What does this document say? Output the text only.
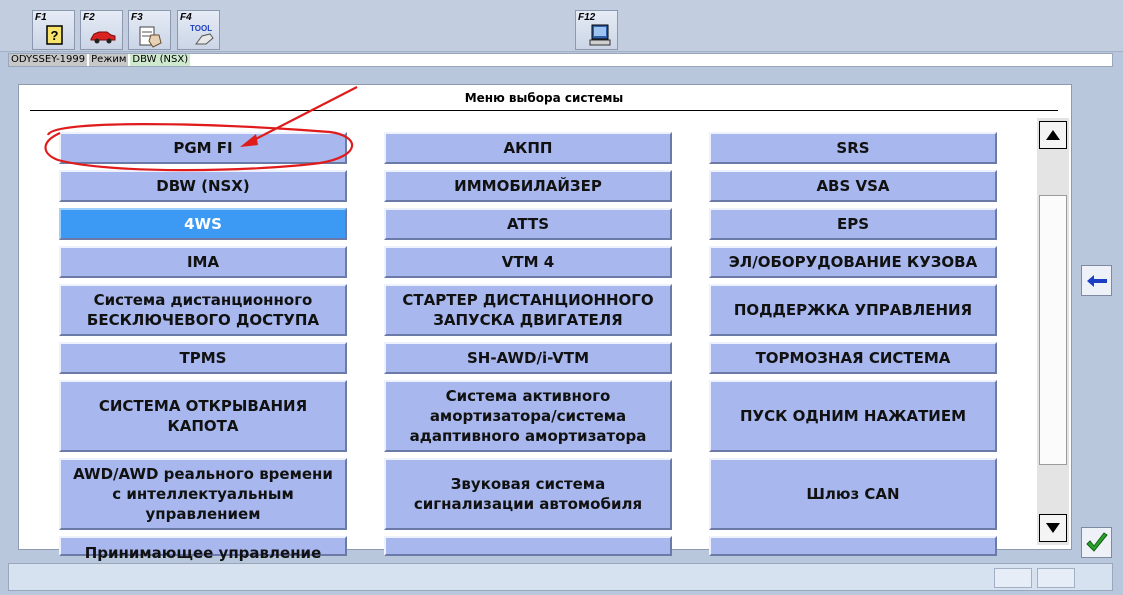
F1
?
F2	F3	F4
TOOL
F12
ODYSSEY-1999 Режим DBW (NSX)
Меню выбора системы
PGM FI
DBW (NSX)
4WS
IMA
Система дистанционного
БЕСКЛЮЧЕВОГО ДОСТУПА
TPMS
СИСТЕМА ОТКРЫВАНИЯ
КАПОТА
AWD/AWD реального времени
с интеллектуальным
управлением
Принимающее управление
АКПП
ИММОБИЛАЙЗЕР
ATTS
VTM 4
СТАРТЕР ДИСТАНЦИОННОГО
ЗАПУСКА ДВИГАТЕЛЯ
SH-AWD/i-VTM
Система активного
амортизатора/система
адаптивного амортизатора
Звуковая система
сигнализации автомобиля
SRS
ABS VSA
EPS
ЭЛ/ОБОРУДОВАНИЕ КУЗОВА
ПОДДЕРЖКА УПРАВЛЕНИЯ
ТОРМОЗНАЯ СИСТЕМА
ПУСК ОДНИМ НАЖАТИЕМ
Шлюз CAN
